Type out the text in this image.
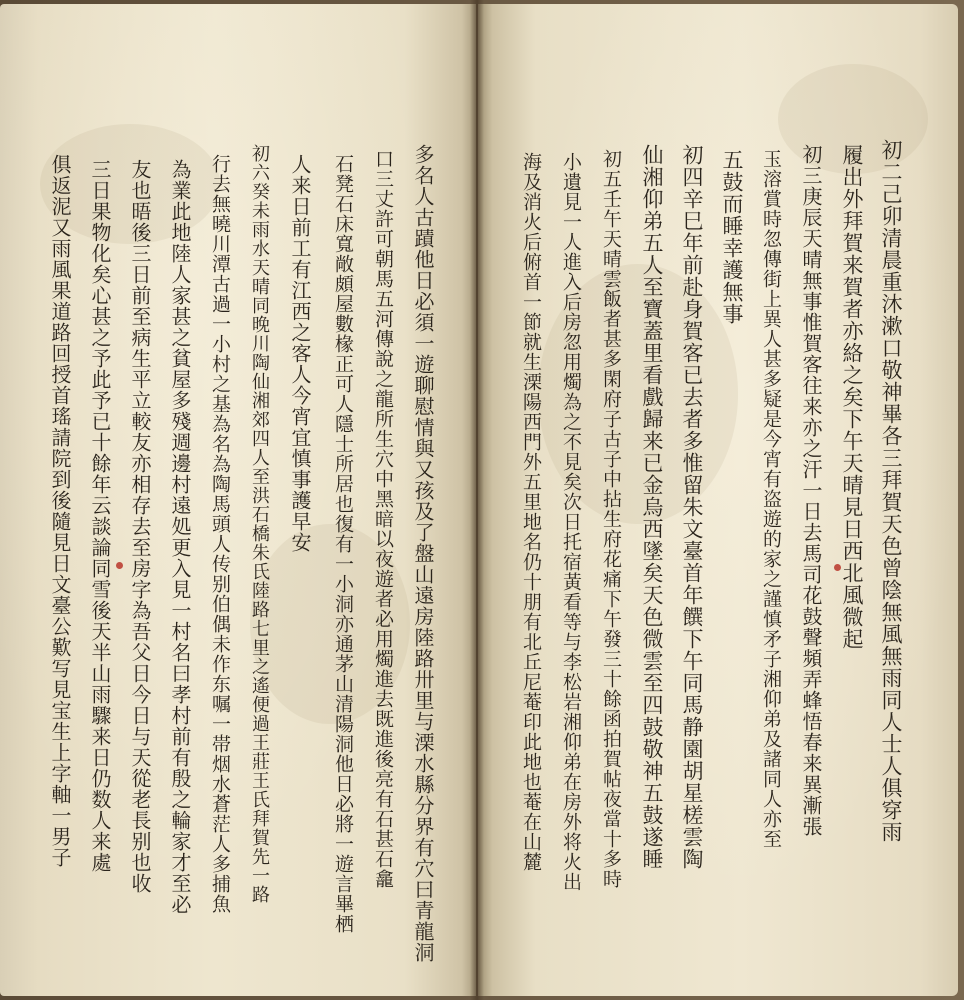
多名人古蹟他日必須一遊聊慰情與又孩及了盤山遠房陸路卅里与溧水縣分界有穴曰青龍洞
口三丈許可朝馬五河傳說之龍所生穴中黑暗以夜遊者必用燭進去既進後亮有石甚石龕
石凳石床寬敞頗屋數椽正可人隱士所居也復有一小洞亦通茅山清陽洞他日必將一遊言畢栖
人来日前工有江西之客人今宵宜慎事護早安
初六癸未雨水天晴同晚川陶仙湘郊四人至洪石橋朱氏陸路七里之遙便過王莊王氏拜賀先一路
行去無曉川潭古過一小村之基為名為陶馬頭人传别伯偶未作东嘱一帯烟水蒼茫人多捕魚
為業此地陸人家甚之貧屋多殘週邊村遠処更入見一村名曰孝村前有殷之輪家才至必
友也晤後三日前至病生平立較友亦相存去至房字為吾父日今日与天從老長别也收
三日果物化矣心甚之予此予已十餘年云談論同雪後天半山雨驟来日仍数人来處
俱返泥又雨風果道路回授首瑤請院到後隨見日文臺公歎写見宝生上字軸一男子	初二己卯清晨重沐漱口敬神畢各三拜賀天色曾陰無風無雨同人士人俱穿雨
履出外拜賀来賀者亦絡之矣下午天晴見日西北風微起
初三庚辰天晴無事惟賀客往来亦之汗一日去馬司花鼓聲頻弄蜂悟春来異漸張
玉溶賞時忽傳街上異人甚多疑是今宵有盗遊的家之謹慎矛子湘仰弟及諸同人亦至
五鼓而睡幸護無事
初四辛巳年前赴身賀客已去者多惟留朱文臺首年饌下午同馬静園胡星槎雲陶
仙湘仰弟五人至寶蓋里看戲歸来已金烏西墜矣天色微雲至四鼓敬神五鼓遂睡
初五壬午天晴雲飯者甚多閑府子古子中拈生府花痛下午發三十餘函拍賀帖夜當十多時
小遺見一人進入后房忽用燭為之不見矣次日托宿黃看等与李松岩湘仰弟在房外将火出
海及消火后俯首一節就生溧陽西門外五里地名仍十朋有北丘尼菴印此地也菴在山麓
